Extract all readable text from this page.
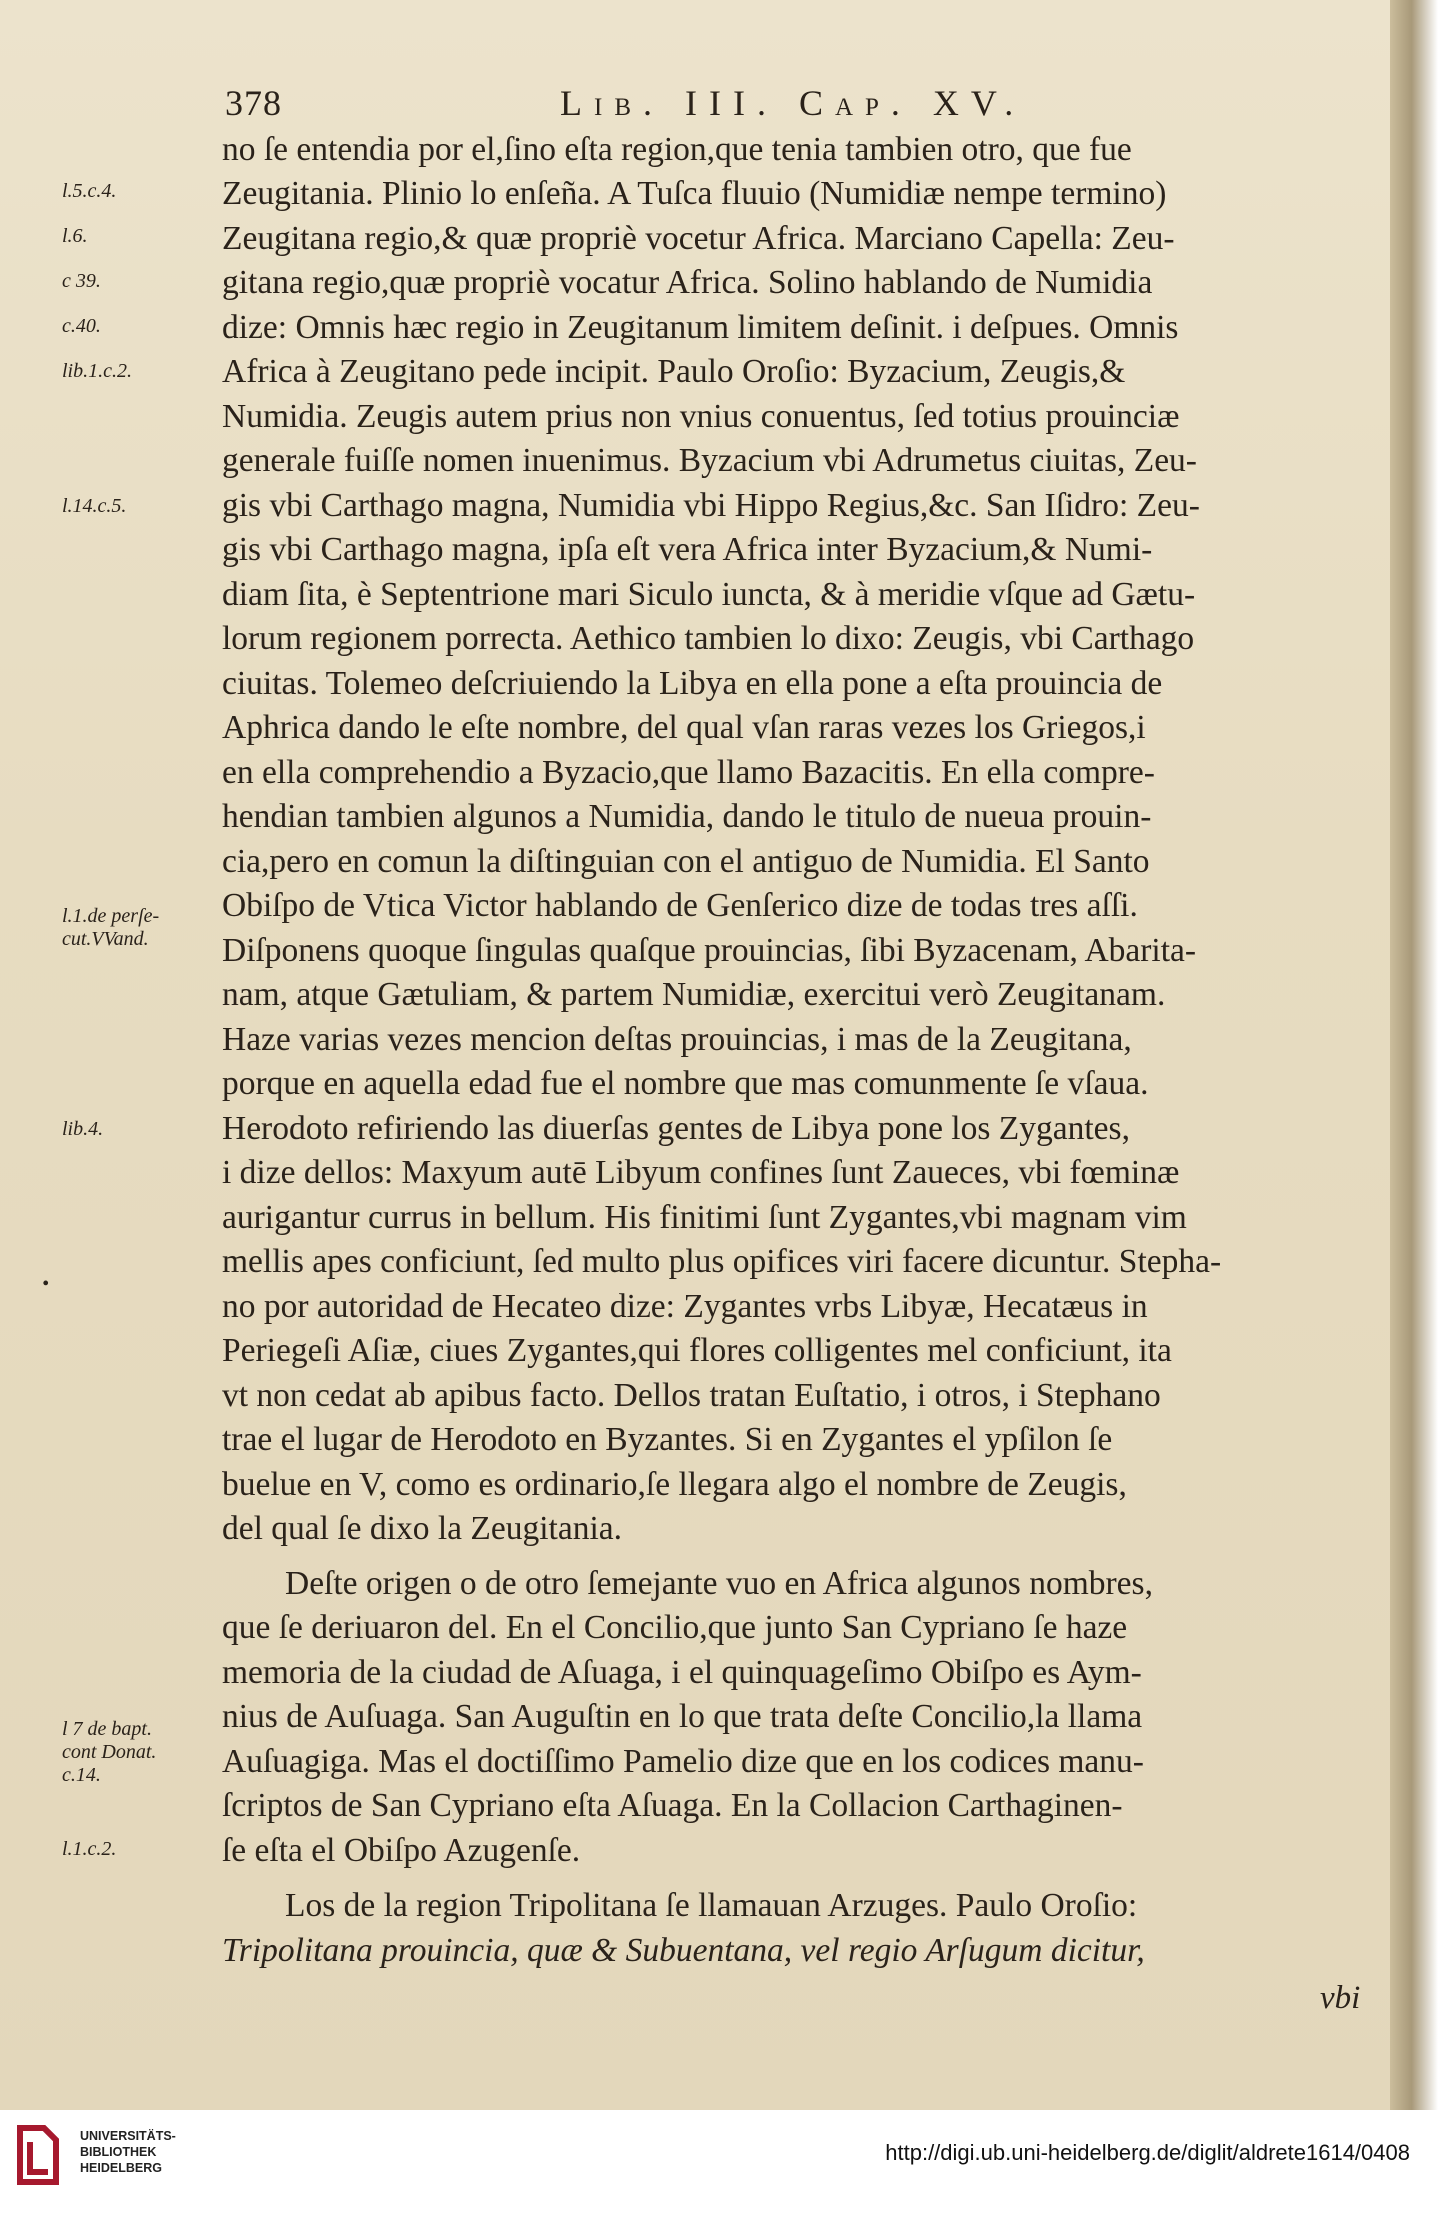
378	Lib. III. Cap. XV.
no ſe entendia por el,ſino eſta region,que tenia tambien otro, que fue
Zeugitania. Plinio lo enſeña. A Tuſca fluuio (Numidiæ nempe termino)
Zeugitana regio,& quæ propriè vocetur Africa. Marciano Capella: Zeu-
gitana regio,quæ propriè vocatur Africa. Solino hablando de Numidia
dize: Omnis hæc regio in Zeugitanum limitem deſinit. i deſpues. Omnis
Africa à Zeugitano pede incipit. Paulo Oroſio: Byzacium, Zeugis,&
Numidia. Zeugis autem prius non vnius conuentus, ſed totius prouinciæ
generale fuiſſe nomen inuenimus. Byzacium vbi Adrumetus ciuitas, Zeu-
gis vbi Carthago magna, Numidia vbi Hippo Regius,&c. San Iſidro: Zeu-
gis vbi Carthago magna, ipſa eſt vera Africa inter Byzacium,& Numi-
diam ſita, è Septentrione mari Siculo iuncta, & à meridie vſque ad Gætu-
lorum regionem porrecta. Aethico tambien lo dixo: Zeugis, vbi Carthago
ciuitas. Tolemeo deſcriuiendo la Libya en ella pone a eſta prouincia de
Aphrica dando le eſte nombre, del qual vſan raras vezes los Griegos,i
en ella comprehendio a Byzacio,que llamo Bazacitis. En ella compre-
hendian tambien algunos a Numidia, dando le titulo de nueua prouin-
cia,pero en comun la diſtinguian con el antiguo de Numidia. El Santo
Obiſpo de Vtica Victor hablando de Genſerico dize de todas tres aſſi.
Diſponens quoque ſingulas quaſque prouincias, ſibi Byzacenam, Abarita-
nam, atque Gætuliam, & partem Numidiæ, exercitui verò Zeugitanam.
Haze varias vezes mencion deſtas prouincias, i mas de la Zeugitana,
porque en aquella edad fue el nombre que mas comunmente ſe vſaua.
Herodoto refiriendo las diuerſas gentes de Libya pone los Zygantes,
i dize dellos: Maxyum autē Libyum confines ſunt Zaueces, vbi fœminæ
aurigantur currus in bellum. His finitimi ſunt Zygantes,vbi magnam vim
mellis apes conficiunt, ſed multo plus opifices viri facere dicuntur. Stepha-
no por autoridad de Hecateo dize: Zygantes vrbs Libyæ, Hecatæus in
Periegeſi Aſiæ, ciues Zygantes,qui flores colligentes mel conficiunt, ita
vt non cedat ab apibus facto. Dellos tratan Euſtatio, i otros, i Stephano
trae el lugar de Herodoto en Byzantes. Si en Zygantes el ypſilon ſe
buelue en V, como es ordinario,ſe llegara algo el nombre de Zeugis,
del qual ſe dixo la Zeugitania.
Deſte origen o de otro ſemejante vuo en Africa algunos nombres,
que ſe deriuaron del. En el Concilio,que junto San Cypriano ſe haze
memoria de la ciudad de Aſuaga, i el quinquageſimo Obiſpo es Aym-
nius de Auſuaga. San Auguſtin en lo que trata deſte Concilio,la llama
Auſuagiga. Mas el doctiſſimo Pamelio dize que en los codices manu-
ſcriptos de San Cypriano eſta Aſuaga. En la Collacion Carthaginen-
ſe eſta el Obiſpo Azugenſe.
Los de la region Tripolitana ſe llamauan Arzuges. Paulo Oroſio:
Tripolitana prouincia, quæ & Subuentana, vel regio Arſugum dicitur,
vbi
l.5.c.4.
l.6.
c 39.
c.40.
lib.1.c.2.
l.14.c.5.
l.1.de perſe-
cut.VVand.
lib.4.
•
l 7 de bapt.
cont Donat.
c.14.
l.1.c.2.
UNIVERSITÄTS-
BIBLIOTHEK
HEIDELBERG
http://digi.ub.uni-heidelberg.de/diglit/aldrete1614/0408
